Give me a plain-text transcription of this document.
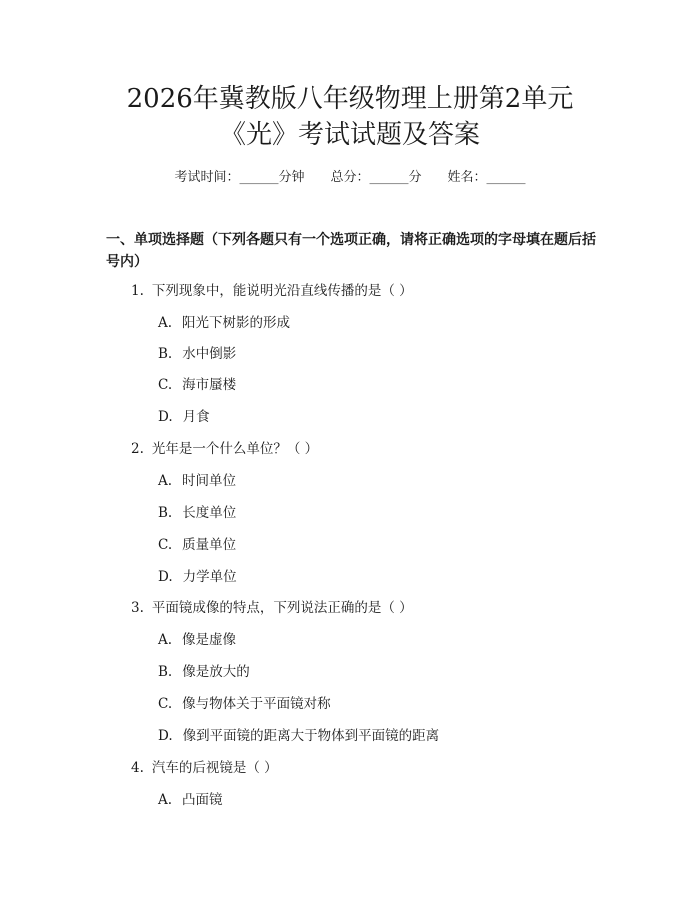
2026年冀教版八年级物理上册第2单元
《光》考试试题及答案
考试时间：______分钟 总分：______分 姓名：______
一、单项选择题（下列各题只有一个选项正确，请将正确选项的字母填在题后括号内）
1. 下列现象中，能说明光沿直线传播的是（ ）
A. 阳光下树影的形成
B. 水中倒影
C. 海市蜃楼
D. 月食
2. 光年是一个什么单位？（ ）
A. 时间单位
B. 长度单位
C. 质量单位
D. 力学单位
3. 平面镜成像的特点，下列说法正确的是（ ）
A. 像是虚像
B. 像是放大的
C. 像与物体关于平面镜对称
D. 像到平面镜的距离大于物体到平面镜的距离
4. 汽车的后视镜是（ ）
A. 凸面镜
